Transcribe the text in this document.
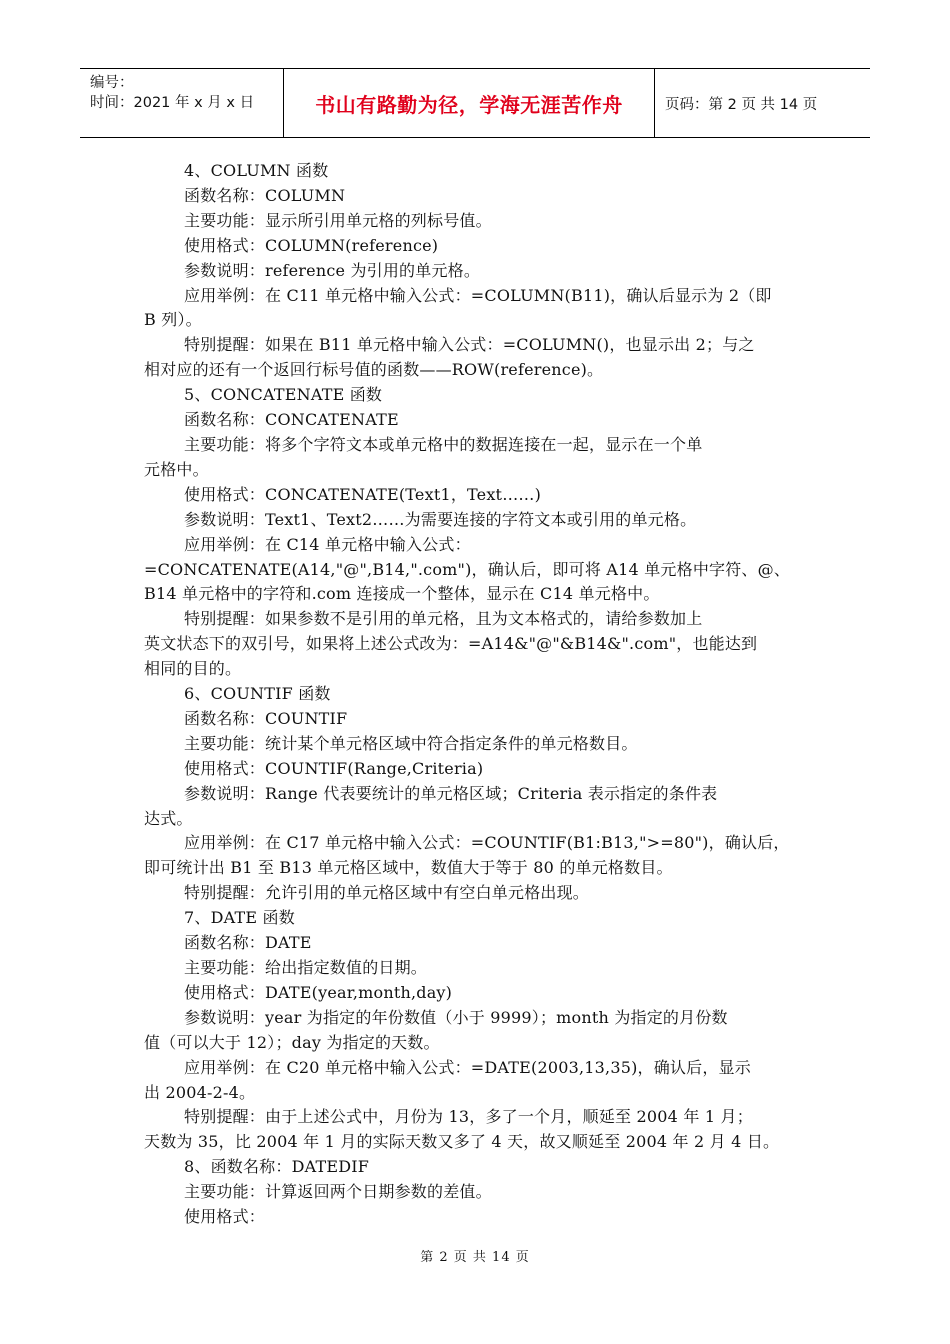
编号：
时间：2021 年 x 月 x 日	书山有路勤为径，学海无涯苦作舟	页码：第 2 页 共 14 页
4、COLUMN 函数
函数名称：COLUMN
主要功能：显示所引用单元格的列标号值。
使用格式：COLUMN(reference)
参数说明：reference 为引用的单元格。
应用举例：在 C11 单元格中输入公式：=COLUMN(B11)，确认后显示为 2（即
B 列）。
特别提醒：如果在 B11 单元格中输入公式：=COLUMN()，也显示出 2；与之
相对应的还有一个返回行标号值的函数——ROW(reference)。
5、CONCATENATE 函数
函数名称：CONCATENATE
主要功能：将多个字符文本或单元格中的数据连接在一起，显示在一个单
元格中。
使用格式：CONCATENATE(Text1，Text……)
参数说明：Text1、Text2……为需要连接的字符文本或引用的单元格。
应用举例：在 C14 单元格中输入公式：
=CONCATENATE(A14,"@",B14,".com")，确认后，即可将 A14 单元格中字符、@、
B14 单元格中的字符和.com 连接成一个整体，显示在 C14 单元格中。
特别提醒：如果参数不是引用的单元格，且为文本格式的，请给参数加上
英文状态下的双引号，如果将上述公式改为：=A14&"@"&B14&".com"，也能达到
相同的目的。
6、COUNTIF 函数
函数名称：COUNTIF
主要功能：统计某个单元格区域中符合指定条件的单元格数目。
使用格式：COUNTIF(Range,Criteria)
参数说明：Range 代表要统计的单元格区域；Criteria 表示指定的条件表
达式。
应用举例：在 C17 单元格中输入公式：=COUNTIF(B1:B13,">=80")，确认后，
即可统计出 B1 至 B13 单元格区域中，数值大于等于 80 的单元格数目。
特别提醒：允许引用的单元格区域中有空白单元格出现。
7、DATE 函数
函数名称：DATE
主要功能：给出指定数值的日期。
使用格式：DATE(year,month,day)
参数说明：year 为指定的年份数值（小于 9999）；month 为指定的月份数
值（可以大于 12）；day 为指定的天数。
应用举例：在 C20 单元格中输入公式：=DATE(2003,13,35)，确认后，显示
出 2004-2-4。
特别提醒：由于上述公式中，月份为 13，多了一个月，顺延至 2004 年 1 月；
天数为 35，比 2004 年 1 月的实际天数又多了 4 天，故又顺延至 2004 年 2 月 4 日。
8、函数名称：DATEDIF
主要功能：计算返回两个日期参数的差值。
使用格式：
第 2 页 共 14 页
